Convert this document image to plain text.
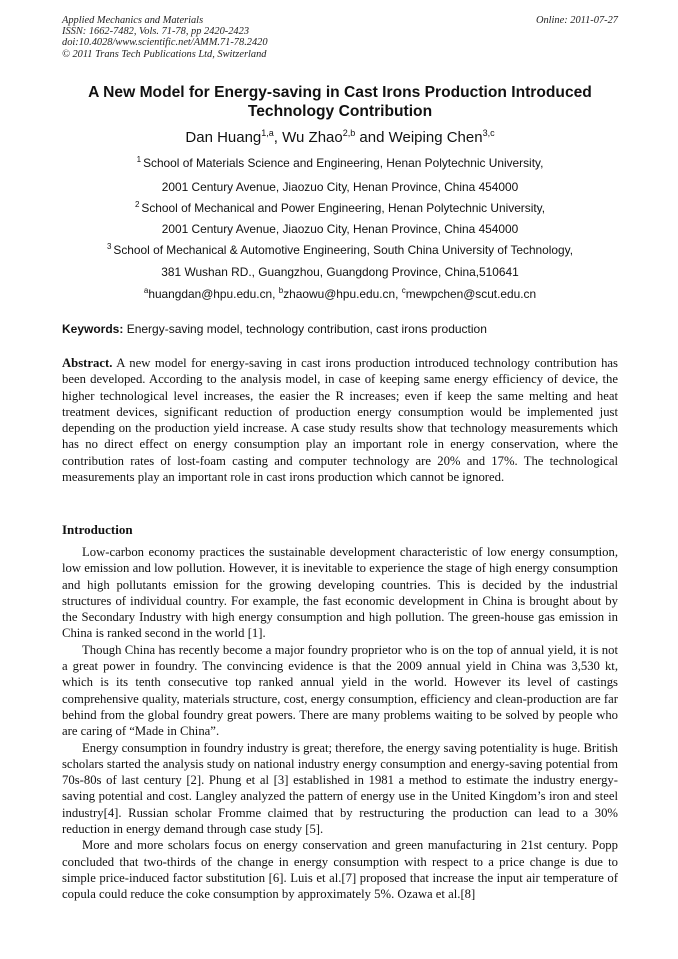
Applied Mechanics and Materials
ISSN: 1662-7482, Vols. 71-78, pp 2420-2423
doi:10.4028/www.scientific.net/AMM.71-78.2420
© 2011 Trans Tech Publications Ltd, Switzerland
Online: 2011-07-27
A New Model for Energy-saving in Cast Irons Production Introduced Technology Contribution
Dan Huang$^{1,a}$, Wu Zhao$^{2,b}$ and Weiping Chen$^{3,c}$
$^1$ School of Materials Science and Engineering, Henan Polytechnic University,
2001 Century Avenue, Jiaozuo City, Henan Province, China 454000
$^2$ School of Mechanical and Power Engineering, Henan Polytechnic University,
2001 Century Avenue, Jiaozuo City, Henan Province, China 454000
$^3$ School of Mechanical & Automotive Engineering, South China University of Technology,
381 Wushan RD., Guangzhou, Guangdong Province, China,510641
$^a$huangdan@hpu.edu.cn, $^b$zhaowu@hpu.edu.cn, $^c$mewpchen@scut.edu.cn
Keywords: Energy-saving model, technology contribution, cast irons production

Abstract. A new model for energy-saving in cast irons production introduced technology contribution has been developed. According to the analysis model, in case of keeping same energy efficiency of device, the higher technological level increases, the easier the R increases; even if keep the same melting and heat treatment devices, significant reduction of production energy consumption would be implemented just depending on the production yield increase. A case study results show that technology measurements which has no direct effect on energy consumption play an important role in energy conservation, where the contribution rates of lost-foam casting and computer technology are 20% and 17%. The technological measurements play an important role in cast irons production which cannot be ignored.

Introduction

Low-carbon economy practices the sustainable development characteristic of low energy consumption, low emission and low pollution. However, it is inevitable to experience the stage of high energy consumption and high pollutants emission for the growing developing countries. This is decided by the industrial structures of individual country. For example, the fast economic development in China is brought about by the Secondary Industry with high energy consumption and high pollution. The green-house gas emission in China is ranked second in the world [1].

Though China has recently become a major foundry proprietor who is on the top of annual yield, it is not a great power in foundry. The convincing evidence is that the 2009 annual yield in China was 3,530 kt, which is its tenth consecutive top ranked annual yield in the world. However its level of castings comprehensive quality, materials structure, cost, energy consumption, efficiency and clean-production are far behind from the global foundry great powers. There are many problems waiting to be solved by people who are caring of “Made in China”.

Energy consumption in foundry industry is great; therefore, the energy saving potentiality is huge. British scholars started the analysis study on national industry energy consumption and energy-saving potential from 70s-80s of last century [2]. Phung et al [3] established in 1981 a method to estimate the industry energy-saving potential and cost. Langley analyzed the pattern of energy use in the United Kingdom’s iron and steel industry[4]. Russian scholar Fromme claimed that by restructuring the production can lead to a 30% reduction in energy demand through case study [5].

More and more scholars focus on energy conservation and green manufacturing in 21st century. Popp concluded that two-thirds of the change in energy consumption with respect to a price change is due to simple price-induced factor substitution [6]. Luis et al.[7] proposed that increase the input air temperature of copula could reduce the coke consumption by approximately 5%. Ozawa et al.[8]
